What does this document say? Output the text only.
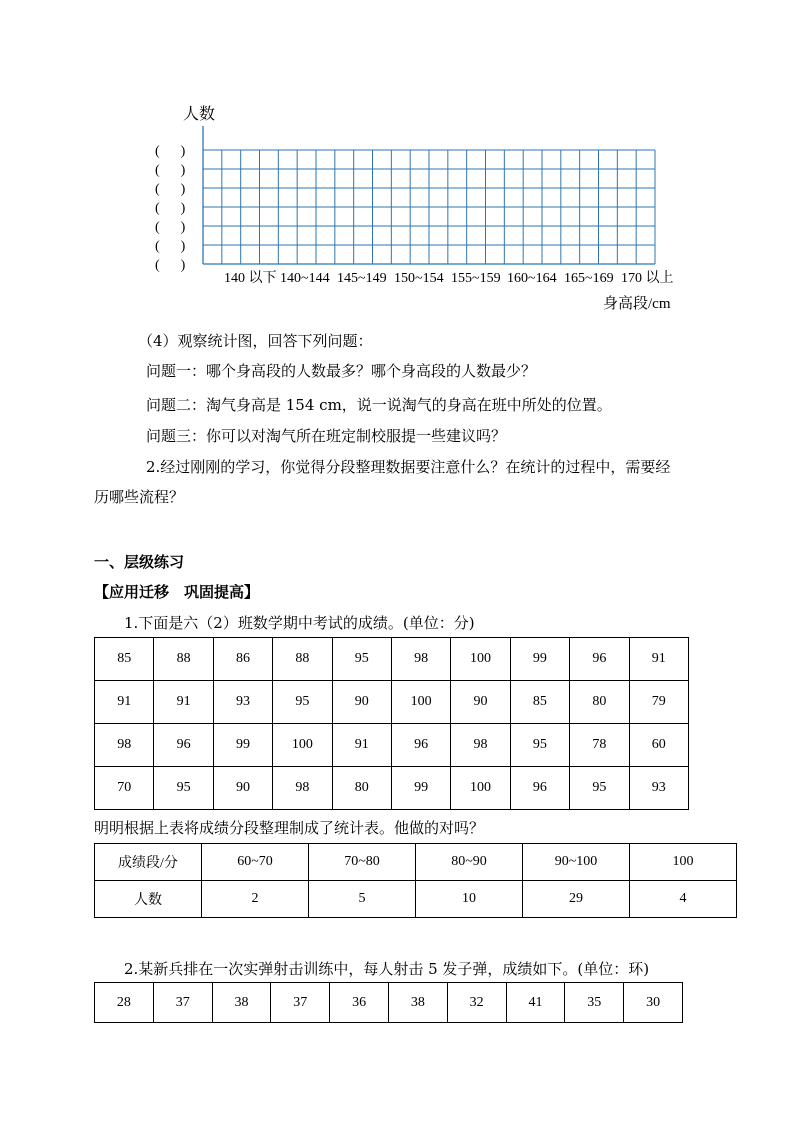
人数
(      )
(      )
(      )
(      )
(      )
(      )
(      )
140 以下 140~144 145~149 150~154 155~159 160~164 165~169 170 以上
身高段/cm
（4）观察统计图，回答下列问题：
问题一：哪个身高段的人数最多？哪个身高段的人数最少？
问题二：淘气身高是 154 cm，说一说淘气的身高在班中所处的位置。
问题三：你可以对淘气所在班定制校服提一些建议吗？
2.经过刚刚的学习，你觉得分段整理数据要注意什么？在统计的过程中，需要经
历哪些流程？
一、层级练习
【应用迁移　巩固提高】
1.下面是六（2）班数学期中考试的成绩。(单位：分)
85	88	86	88	95	98	100	99	96	91
91	91	93	95	90	100	90	85	80	79
98	96	99	100	91	96	98	95	78	60
70	95	90	98	80	99	100	96	95	93
明明根据上表将成绩分段整理制成了统计表。他做的对吗？
成绩段/分	60~70	70~80	80~90	90~100	100
人数	2	5	10	29	4
2.某新兵排在一次实弹射击训练中，每人射击 5 发子弹，成绩如下。(单位：环)
28	37	38	37	36	38	32	41	35	30
